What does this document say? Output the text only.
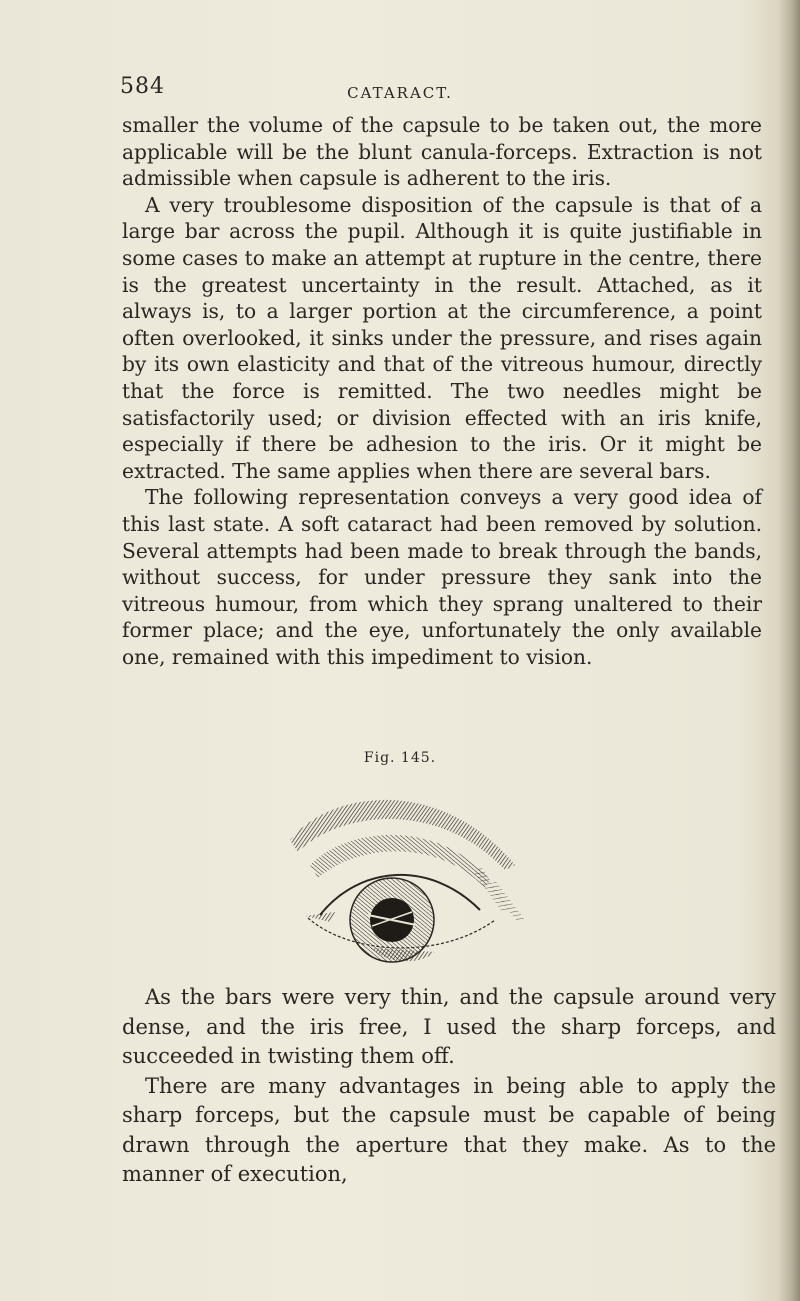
584	CATARACT.

smaller the volume of the capsule to be taken out, the more applicable will be the blunt canula-forceps. Extraction is not admissible when capsule is adherent to the iris.

A very troublesome disposition of the capsule is that of a large bar across the pupil. Although it is quite justifiable in some cases to make an attempt at rupture in the centre, there is the greatest uncertainty in the result. Attached, as it always is, to a larger portion at the circumference, a point often overlooked, it sinks under the pressure, and rises again by its own elasticity and that of the vitreous humour, directly that the force is remitted. The two needles might be satisfactorily used; or division effected with an iris knife, especially if there be adhesion to the iris. Or it might be extracted. The same applies when there are several bars.

The following representation conveys a very good idea of this last state. A soft cataract had been removed by solution. Several attempts had been made to break through the bands, without success, for under pressure they sank into the vitreous humour, from which they sprang unaltered to their former place; and the eye, unfortunately the only available one, remained with this impediment to vision.

Fig. 145.

As the bars were very thin, and the capsule around very dense, and the iris free, I used the sharp forceps, and succeeded in twisting them off.

There are many advantages in being able to apply the sharp forceps, but the capsule must be capable of being drawn through the aperture that they make. As to the manner of execution,
